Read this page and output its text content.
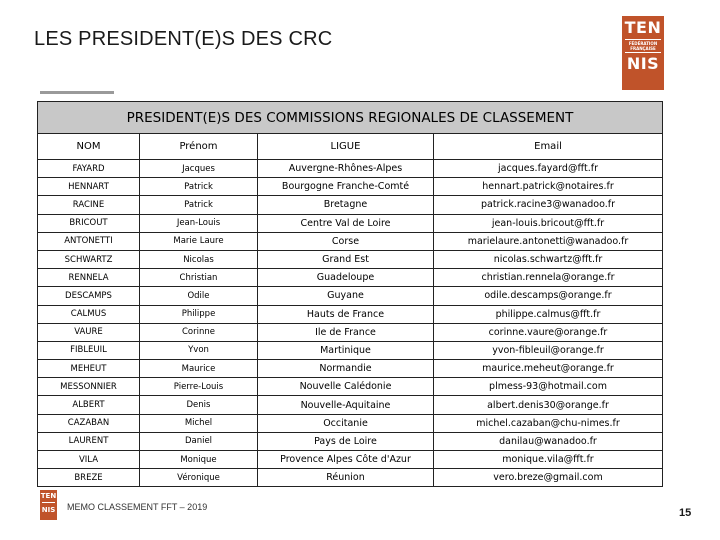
LES PRESIDENT(E)S DES CRC
TEN
FÉDÉRATION FRANÇAISE
NIS
PRESIDENT(E)S DES COMMISSIONS REGIONALES DE CLASSEMENT			
NOM	Prénom	LIGUE	Email
FAYARD	Jacques	Auvergne-Rhônes-Alpes	jacques.fayard@fft.fr
HENNART	Patrick	Bourgogne Franche-Comté	hennart.patrick@notaires.fr
RACINE	Patrick	Bretagne	patrick.racine3@wanadoo.fr
BRICOUT	Jean-Louis	Centre Val de Loire	jean-louis.bricout@fft.fr
ANTONETTI	Marie Laure	Corse	marielaure.antonetti@wanadoo.fr
SCHWARTZ	Nicolas	Grand Est	nicolas.schwartz@fft.fr
RENNELA	Christian	Guadeloupe	christian.rennela@orange.fr
DESCAMPS	Odile	Guyane	odile.descamps@orange.fr
CALMUS	Philippe	Hauts de France	philippe.calmus@fft.fr
VAURE	Corinne	Ile de France	corinne.vaure@orange.fr
FIBLEUIL	Yvon	Martinique	yvon-fibleuil@orange.fr
MEHEUT	Maurice	Normandie	maurice.meheut@orange.fr
MESSONNIER	Pierre-Louis	Nouvelle Calédonie	plmess-93@hotmail.com
ALBERT	Denis	Nouvelle-Aquitaine	albert.denis30@orange.fr
CAZABAN	Michel	Occitanie	michel.cazaban@chu-nimes.fr
LAURENT	Daniel	Pays de Loire	danilau@wanadoo.fr
VILA	Monique	Provence Alpes Côte d'Azur	monique.vila@fft.fr
BREZE	Véronique	Réunion	vero.breze@gmail.com
TEN
NIS MEMO CLASSEMENT FFT – 2019	15
